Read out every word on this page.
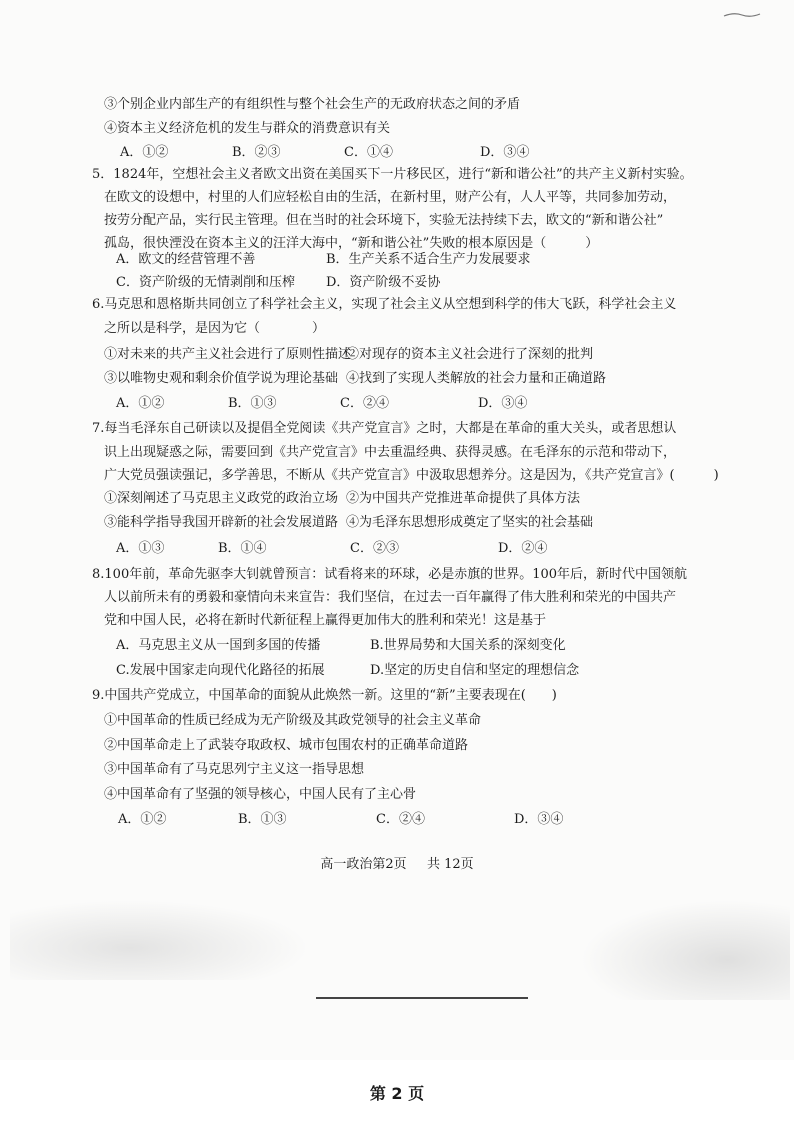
③个别企业内部生产的有组织性与整个社会生产的无政府状态之间的矛盾
④资本主义经济危机的发生与群众的消费意识有关
A．①②	B．②③	C．①④	D．③④
5．1824年，空想社会主义者欧文出资在美国买下一片移民区，进行“新和谐公社”的共产主义新村实验。
在欧文的设想中，村里的人们应轻松自由的生活，在新村里，财产公有，人人平等，共同参加劳动，
按劳分配产品，实行民主管理。但在当时的社会环境下，实验无法持续下去，欧文的“新和谐公社”
孤岛，很快湮没在资本主义的汪洋大海中，“新和谐公社”失败的根本原因是（　　　）
A．欧文的经营管理不善	B．生产关系不适合生产力发展要求
C．资产阶级的无情剥削和压榨 D．资产阶级不妥协
6.马克思和恩格斯共同创立了科学社会主义，实现了社会主义从空想到科学的伟大飞跃，科学社会主义
之所以是科学，是因为它（　　　　）
①对未来的共产主义社会进行了原则性描述
②对现存的资本主义社会进行了深刻的批判
③以唯物史观和剩余价值学说为理论基础 ④找到了实现人类解放的社会力量和正确道路
A．①②	B．①③	C．②④	D．③④
7.每当毛泽东自己研读以及提倡全党阅读《共产党宣言》之时，大都是在革命的重大关头，或者思想认
识上出现疑惑之际，需要回到《共产党宣言》中去重温经典、获得灵感。在毛泽东的示范和带动下，
广大党员强读强记，多学善思，不断从《共产党宣言》中汲取思想养分。这是因为，《共产党宣言》(　　　)
①深刻阐述了马克思主义政党的政治立场 ②为中国共产党推进革命提供了具体方法
③能科学指导我国开辟新的社会发展道路 ④为毛泽东思想形成奠定了坚实的社会基础
A．①③	B．①④	C．②③	D．②④
8.100年前，革命先驱李大钊就曾预言：试看将来的环球，必是赤旗的世界。100年后，新时代中国领航
人以前所未有的勇毅和豪情向未来宣告：我们坚信，在过去一百年赢得了伟大胜利和荣光的中国共产
党和中国人民，必将在新时代新征程上赢得更加伟大的胜利和荣光！这是基于
A．马克思主义从一国到多国的传播	B.世界局势和大国关系的深刻变化
C.发展中国家走向现代化路径的拓展	D.坚定的历史自信和坚定的理想信念
9.中国共产党成立，中国革命的面貌从此焕然一新。这里的“新”主要表现在(　　)
①中国革命的性质已经成为无产阶级及其政党领导的社会主义革命
②中国革命走上了武装夺取政权、城市包围农村的正确革命道路
③中国革命有了马克思列宁主义这一指导思想
④中国革命有了坚强的领导核心，中国人民有了主心骨
A．①②	B．①③	C．②④	D．③④
高一政治第2页 共 12页
第 2 页
